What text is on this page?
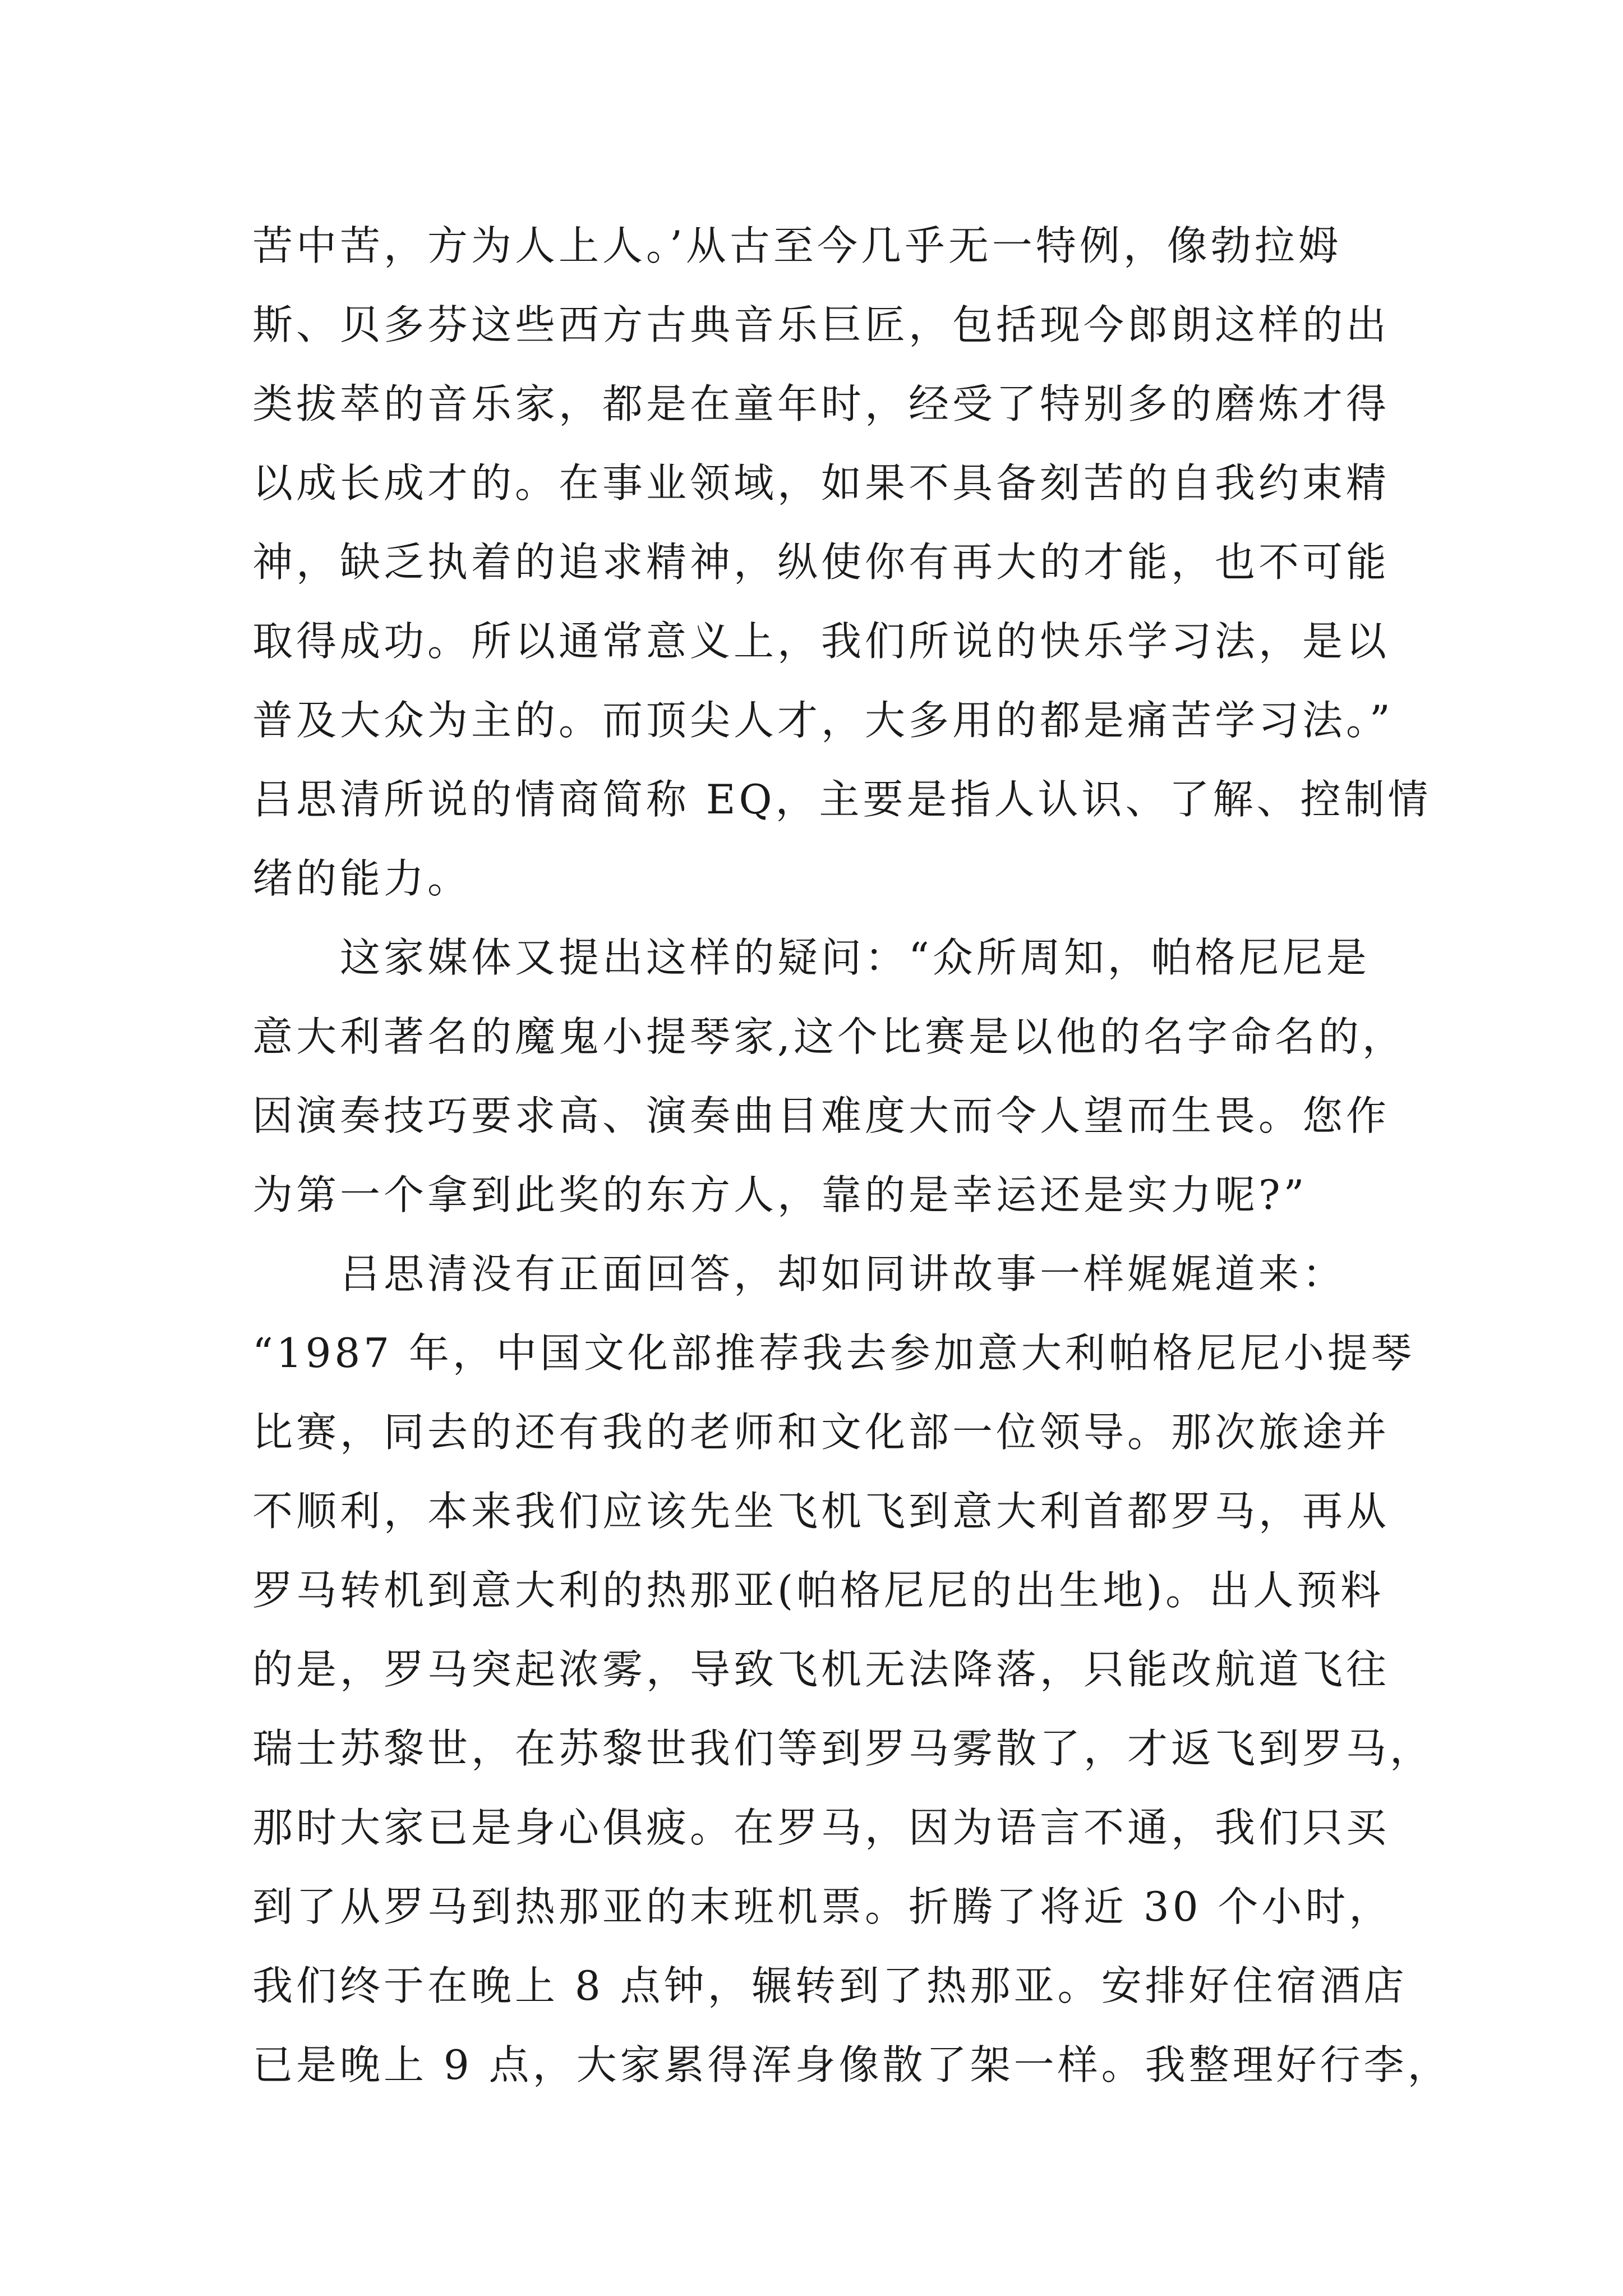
苦中苦，方为人上人。’从古至今几乎无一特例，像勃拉姆
斯、贝多芬这些西方古典音乐巨匠，包括现今郎朗这样的出
类拔萃的音乐家，都是在童年时，经受了特别多的磨炼才得
以成长成才的。在事业领域，如果不具备刻苦的自我约束精
神，缺乏执着的追求精神，纵使你有再大的才能，也不可能
取得成功。所以通常意义上，我们所说的快乐学习法，是以
普及大众为主的。而顶尖人才，大多用的都是痛苦学习法。”
吕思清所说的情商简称 EQ，主要是指人认识、了解、控制情
绪的能力。
　　这家媒体又提出这样的疑问：“众所周知，帕格尼尼是
意大利著名的魔鬼小提琴家,这个比赛是以他的名字命名的，
因演奏技巧要求高、演奏曲目难度大而令人望而生畏。您作
为第一个拿到此奖的东方人，靠的是幸运还是实力呢?”
　　吕思清没有正面回答，却如同讲故事一样娓娓道来：
“1987 年，中国文化部推荐我去参加意大利帕格尼尼小提琴
比赛，同去的还有我的老师和文化部一位领导。那次旅途并
不顺利，本来我们应该先坐飞机飞到意大利首都罗马，再从
罗马转机到意大利的热那亚(帕格尼尼的出生地)。出人预料
的是，罗马突起浓雾，导致飞机无法降落，只能改航道飞往
瑞士苏黎世，在苏黎世我们等到罗马雾散了，才返飞到罗马，
那时大家已是身心俱疲。在罗马，因为语言不通，我们只买
到了从罗马到热那亚的末班机票。折腾了将近 30 个小时，
我们终于在晚上 8 点钟，辗转到了热那亚。安排好住宿酒店
已是晚上 9 点，大家累得浑身像散了架一样。我整理好行李，
